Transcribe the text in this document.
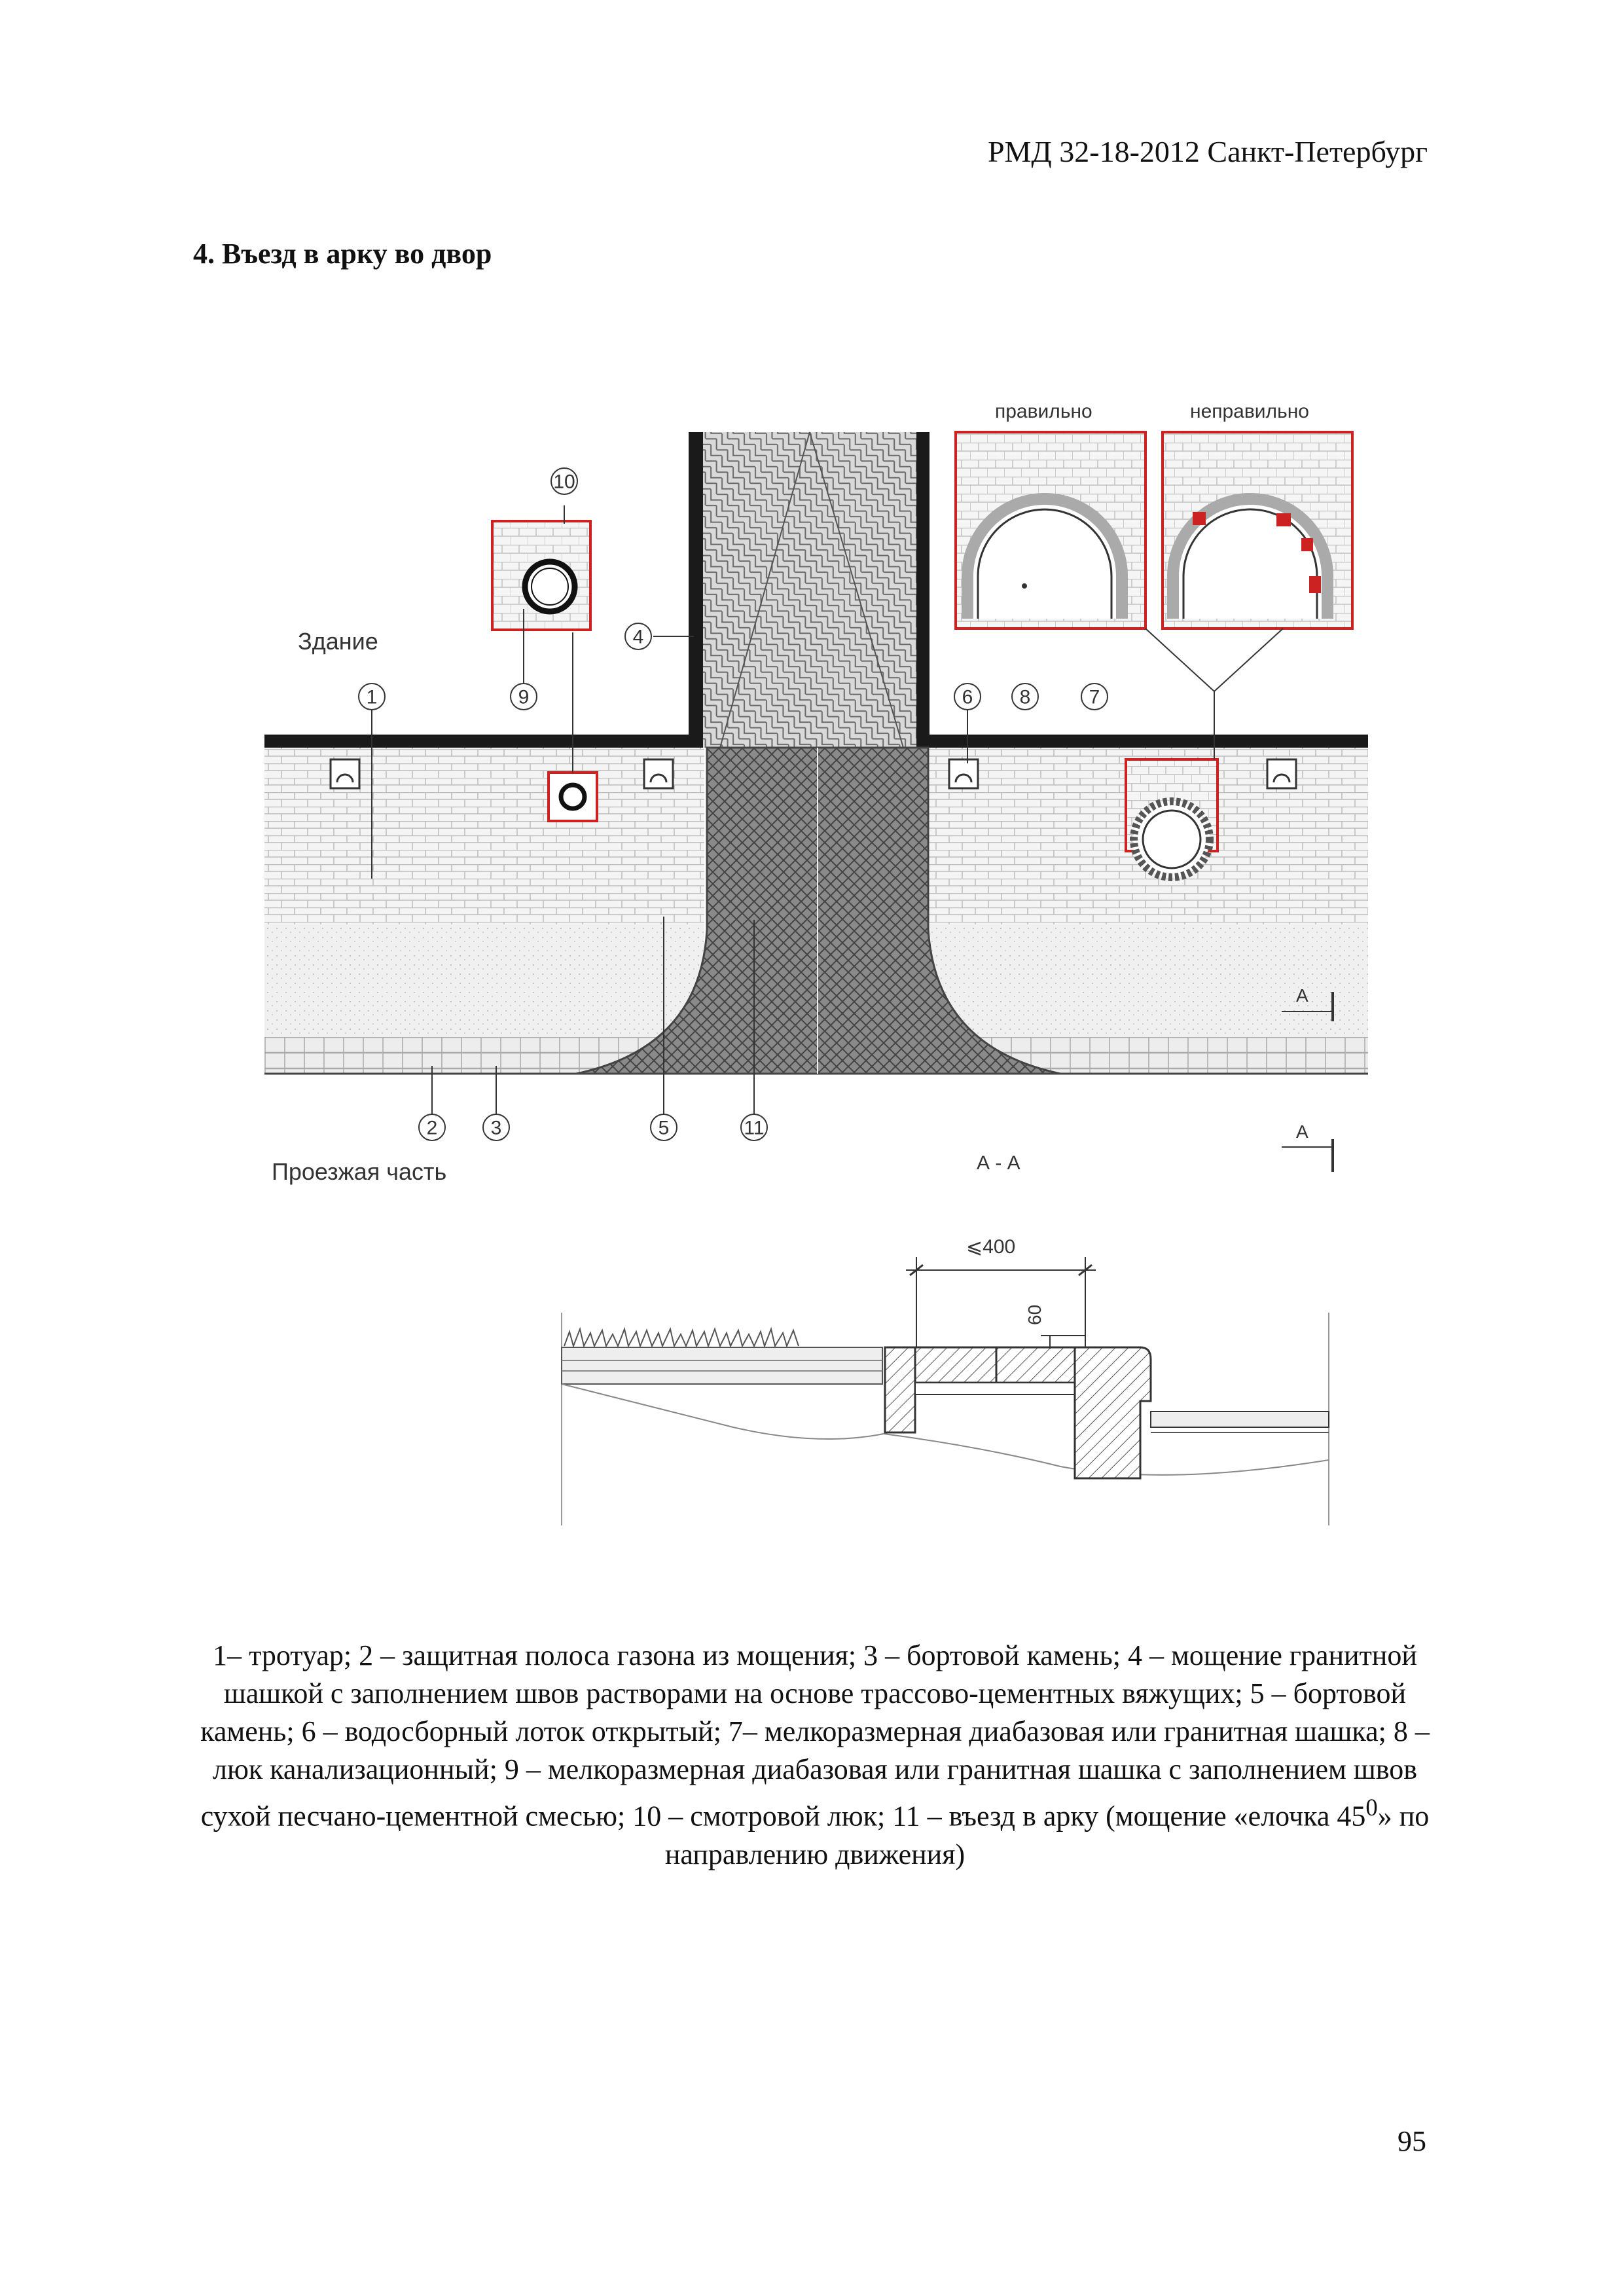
РМД 32-18-2012 Санкт-Петербург
4. Въезд в арку во двор
10
1	9
4
6 8	7
2	3	5	11
Здание
Проезжая часть
правильно	неправильно
А - А
А
А
⩽400
60
1– тротуар; 2 – защитная полоса газона из мощения; 3 – бортовой камень; 4 – мощение гранитной шашкой с заполнением швов растворами на основе трассово-цементных вяжущих; 5 – бортовой камень; 6 – водосборный лоток открытый; 7– мелкоразмерная диабазовая или гранитная шашка; 8 – люк канализационный; 9 – мелкоразмерная диабазовая или гранитная шашка с заполнением швов сухой песчано-цементной смесью; 10 – смотровой люк; 11 – въезд в арку (мощение «елочка $45^0$» по направлению движения)
95
